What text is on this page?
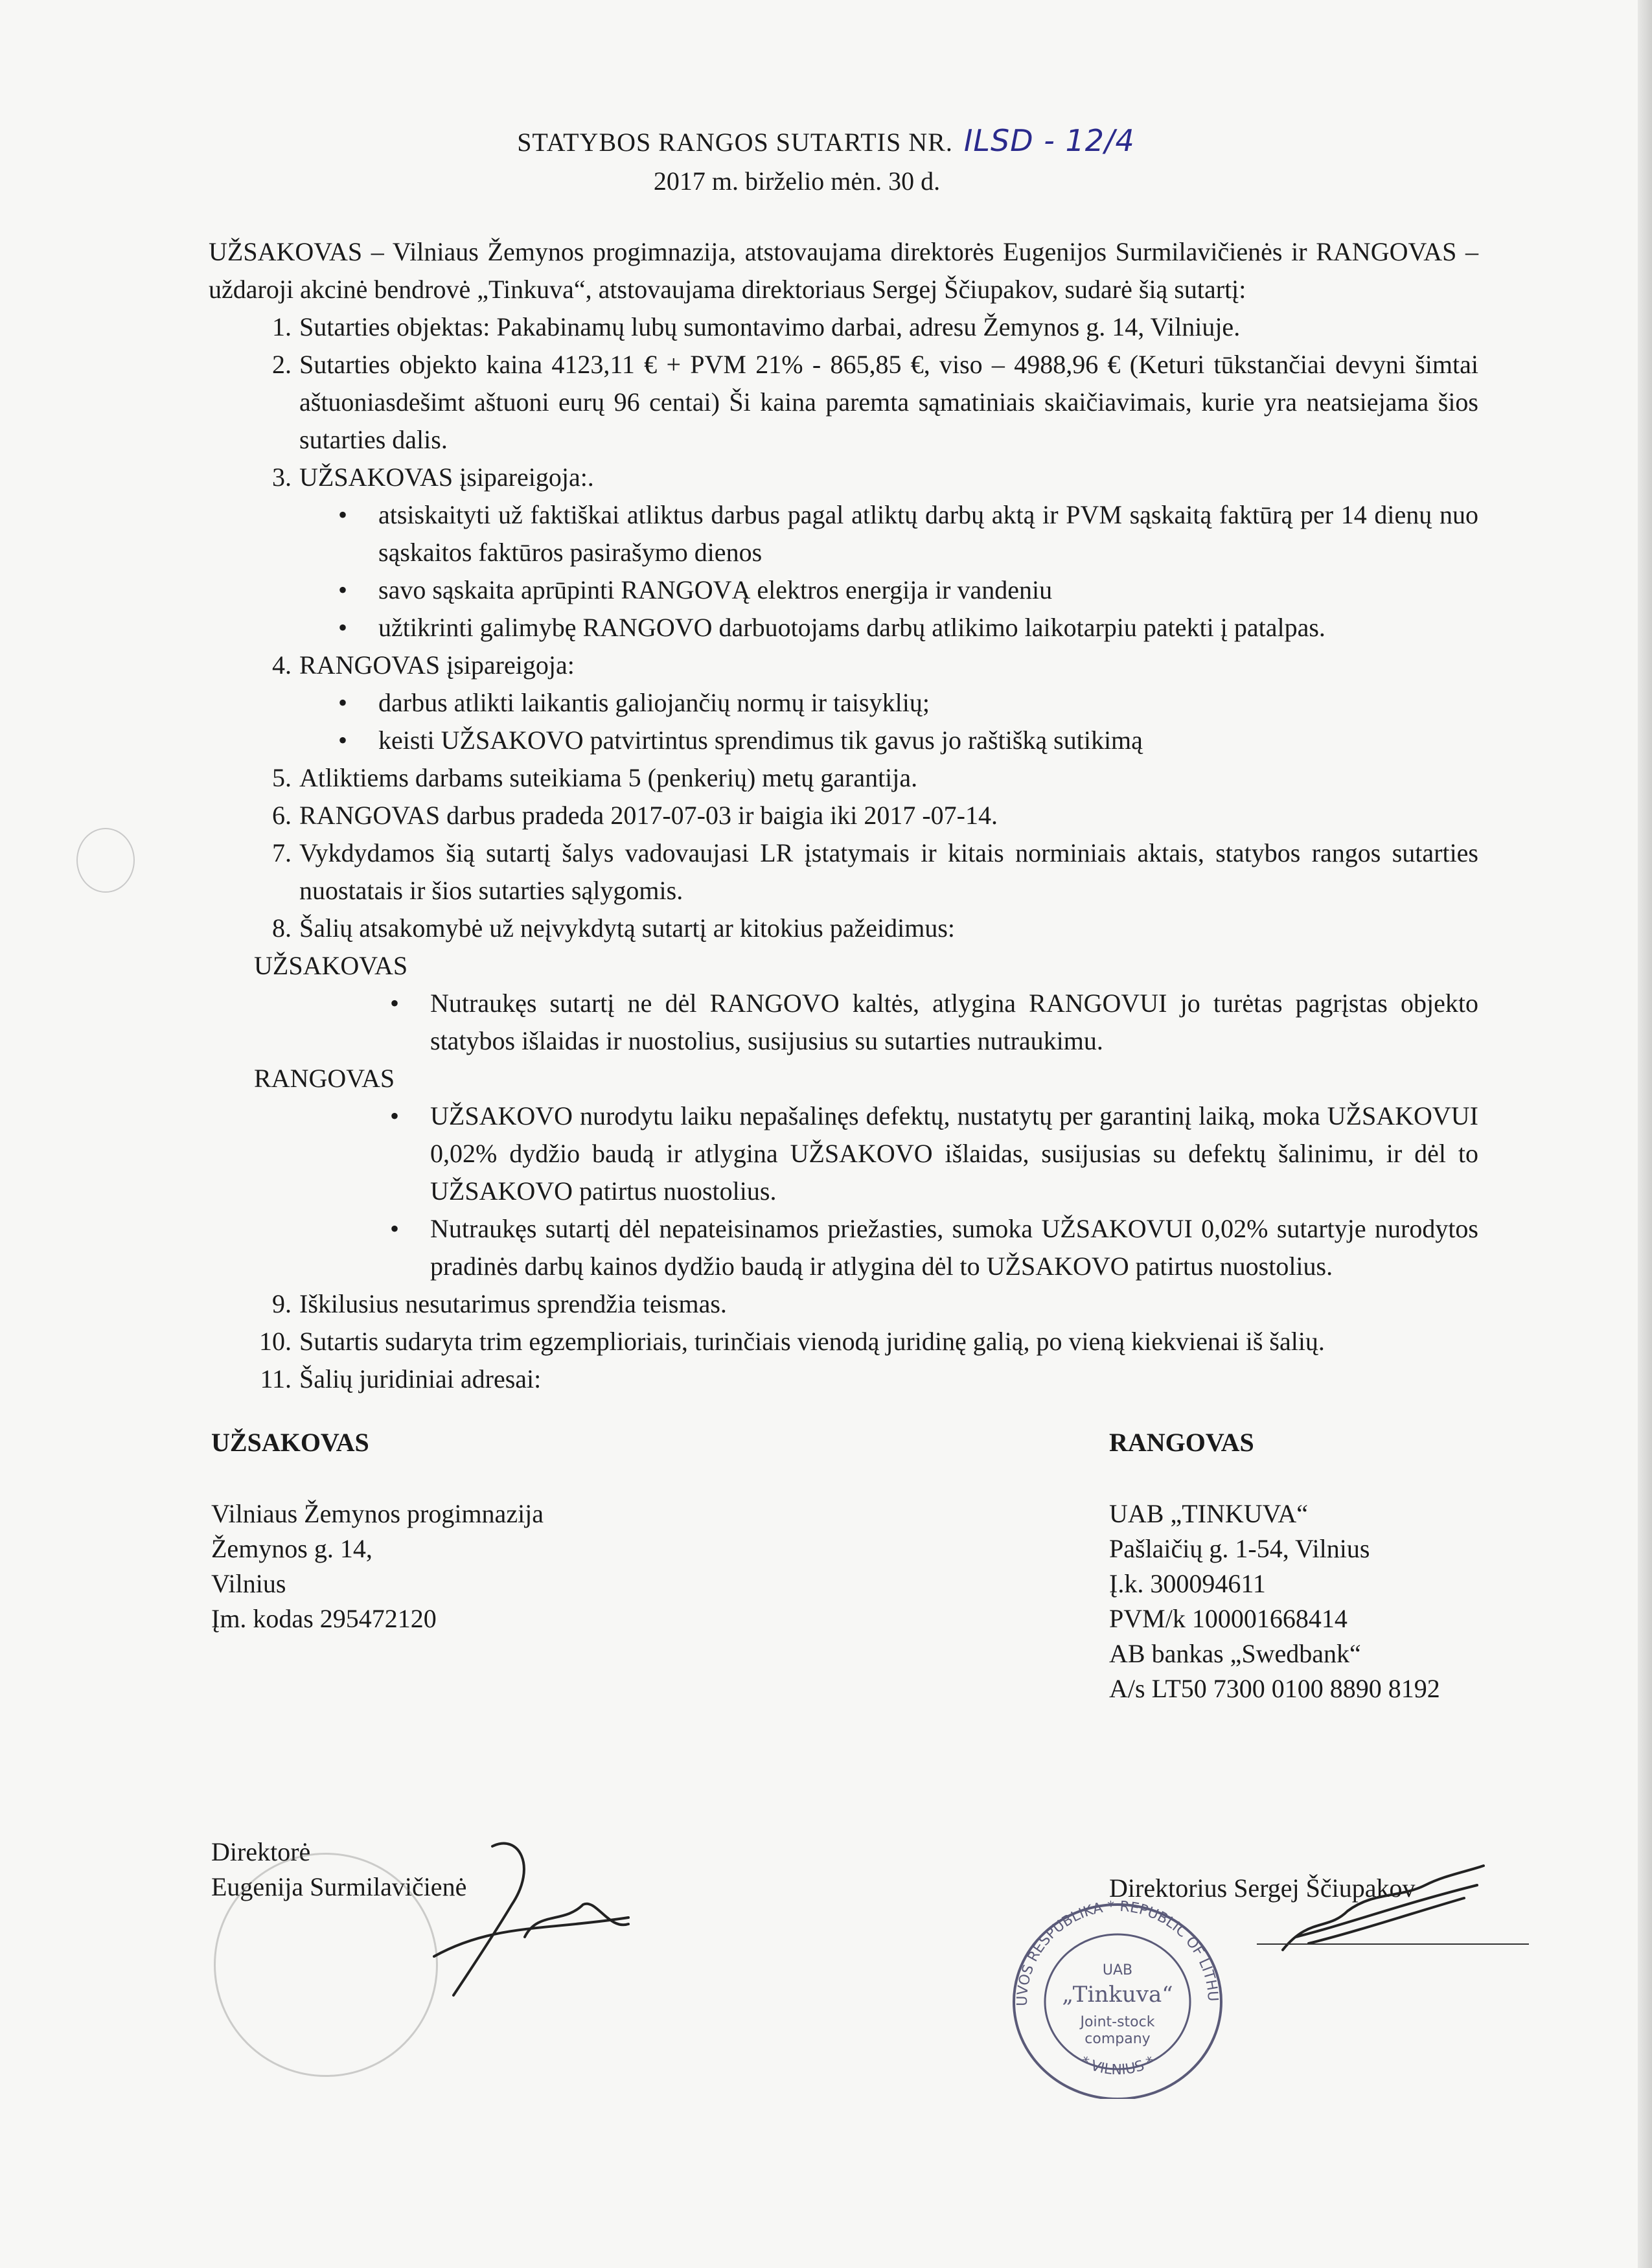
STATYBOS RANGOS SUTARTIS NR. ILSD - 12/4
2017 m. birželio mėn. 30 d.

UŽSAKOVAS – Vilniaus Žemynos progimnazija, atstovaujama direktorės Eugenijos Surmilavičienės ir RANGOVAS – uždaroji akcinė bendrovė „Tinkuva“, atstovaujama direktoriaus Sergej Ščiupakov, sudarė šią sutartį:

1. Sutarties objektas: Pakabinamų lubų sumontavimo darbai, adresu Žemynos g. 14, Vilniuje.
2. Sutarties objekto kaina 4123,11 € + PVM 21% - 865,85 €, viso – 4988,96 € (Keturi tūkstančiai devyni šimtai aštuoniasdešimt aštuoni eurų 96 centai) Ši kaina paremta sąmatiniais skaičiavimais, kurie yra neatsiejama šios sutarties dalis.
3. UŽSAKOVAS įsipareigoja:.
• atsiskaityti už faktiškai atliktus darbus pagal atliktų darbų aktą ir PVM sąskaitą faktūrą per 14 dienų nuo sąskaitos faktūros pasirašymo dienos
• savo sąskaita aprūpinti RANGOVĄ elektros energija ir vandeniu
• užtikrinti galimybę RANGOVO darbuotojams darbų atlikimo laikotarpiu patekti į patalpas.
4. RANGOVAS įsipareigoja:
• darbus atlikti laikantis galiojančių normų ir taisyklių;
• keisti UŽSAKOVO patvirtintus sprendimus tik gavus jo raštišką sutikimą
5. Atliktiems darbams suteikiama 5 (penkerių) metų garantija.
6. RANGOVAS darbus pradeda 2017-07-03 ir baigia iki 2017 -07-14.
7. Vykdydamos šią sutartį šalys vadovaujasi LR įstatymais ir kitais norminiais aktais, statybos rangos sutarties nuostatais ir šios sutarties sąlygomis.
8. Šalių atsakomybė už neįvykdytą sutartį ar kitokius pažeidimus:
UŽSAKOVAS
• Nutraukęs sutartį ne dėl RANGOVO kaltės, atlygina RANGOVUI jo turėtas pagrįstas objekto statybos išlaidas ir nuostolius, susijusius su sutarties nutraukimu.
RANGOVAS
• UŽSAKOVO nurodytu laiku nepašalinęs defektų, nustatytų per garantinį laiką, moka UŽSAKOVUI 0,02% dydžio baudą ir atlygina UŽSAKOVO išlaidas, susijusias su defektų šalinimu, ir dėl to UŽSAKOVO patirtus nuostolius.
• Nutraukęs sutartį dėl nepateisinamos priežasties, sumoka UŽSAKOVUI 0,02% sutartyje nurodytos pradinės darbų kainos dydžio baudą ir atlygina dėl to UŽSAKOVO patirtus nuostolius.
9. Iškilusius nesutarimus sprendžia teismas.
10. Sutartis sudaryta trim egzemplioriais, turinčiais vienodą juridinę galią, po vieną kiekvienai iš šalių.
11. Šalių juridiniai adresai:
UŽSAKOVAS
Vilniaus Žemynos progimnazija
Žemynos g. 14,
Vilnius
Įm. kodas 295472120
RANGOVAS
UAB „TINKUVA“
Pašlaičių g. 1-54, Vilnius
Į.k. 300094611
PVM/k 100001668414
AB bankas „Swedbank“
A/s LT50 7300 0100 8890 8192
Direktorė
Eugenija Surmilavičienė	Direktorius Sergej Ščiupakov
UVOS RESPUBLIKA * REPUBLIC OF LITHU
* VILNIUS *
UAB
„Tinkuva“
Joint-stock
company
